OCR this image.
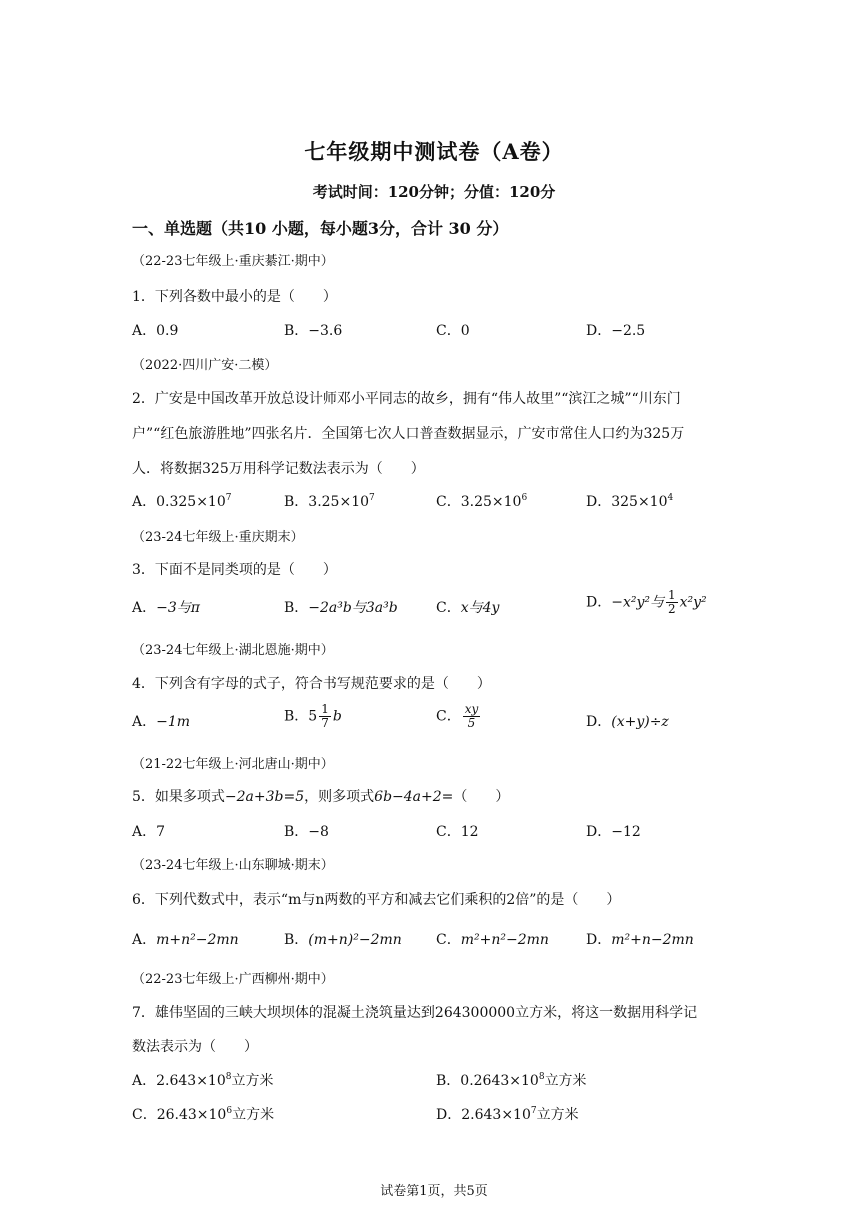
七年级期中测试卷（A卷）
考试时间：120分钟；分值：120分
一、单选题（共10 小题，每小题3分，合计 30 分）
（22-23七年级上·重庆綦江·期中）
1．下列各数中最小的是（　　）
A．0.9	B．−3.6	C．0	D．−2.5
（2022·四川广安·二模）
2．广安是中国改革开放总设计师邓小平同志的故乡，拥有“伟人故里”“滨江之城”“川东门
户”“红色旅游胜地”四张名片．全国第七次人口普查数据显示，广安市常住人口约为325万
人．将数据325万用科学记数法表示为（　　）
A．$0.325\times 10^7$	B．$3.25\times 10^7$	C．$3.25\times 10^6$	D．$325\times 10^4$
（23-24七年级上·重庆期末）
3．下面不是同类项的是（　　）
A．−3与π	B．−2a³b与3a³b	C．x与4y	D．−x²y²与 $\frac{1}{2} x^2y^2$
（23-24七年级上·湖北恩施·期中）
4．下列含有字母的式子，符合书写规范要求的是（　　）
A．−1m	B．$5 \frac{1}{7}$ b	C． $\frac{xy}{5}$	D．(x+y)÷z
（21-22七年级上·河北唐山·期中）
5．如果多项式−2a+3b=5，则多项式6b−4a+2=（　　）
A．7	B．−8	C．12	D．−12
（23-24七年级上·山东聊城·期末）
6．下列代数式中，表示“m与n两数的平方和减去它们乘积的2倍”的是（　　）
A．m+n²−2mn	B．(m+n)²−2mn C．m²+n²−2mn	D．m²+n−2mn
（22-23七年级上·广西柳州·期中）
7．雄伟坚固的三峡大坝坝体的混凝土浇筑量达到264300000立方米，将这一数据用科学记
数法表示为（　　）
A．$2.643\times 10^8$立方米	B．$0.2643\times 10^8$立方米
C．$26.43\times 10^6$立方米	D．$2.643\times 10^7$立方米
试卷第1页，共5页
